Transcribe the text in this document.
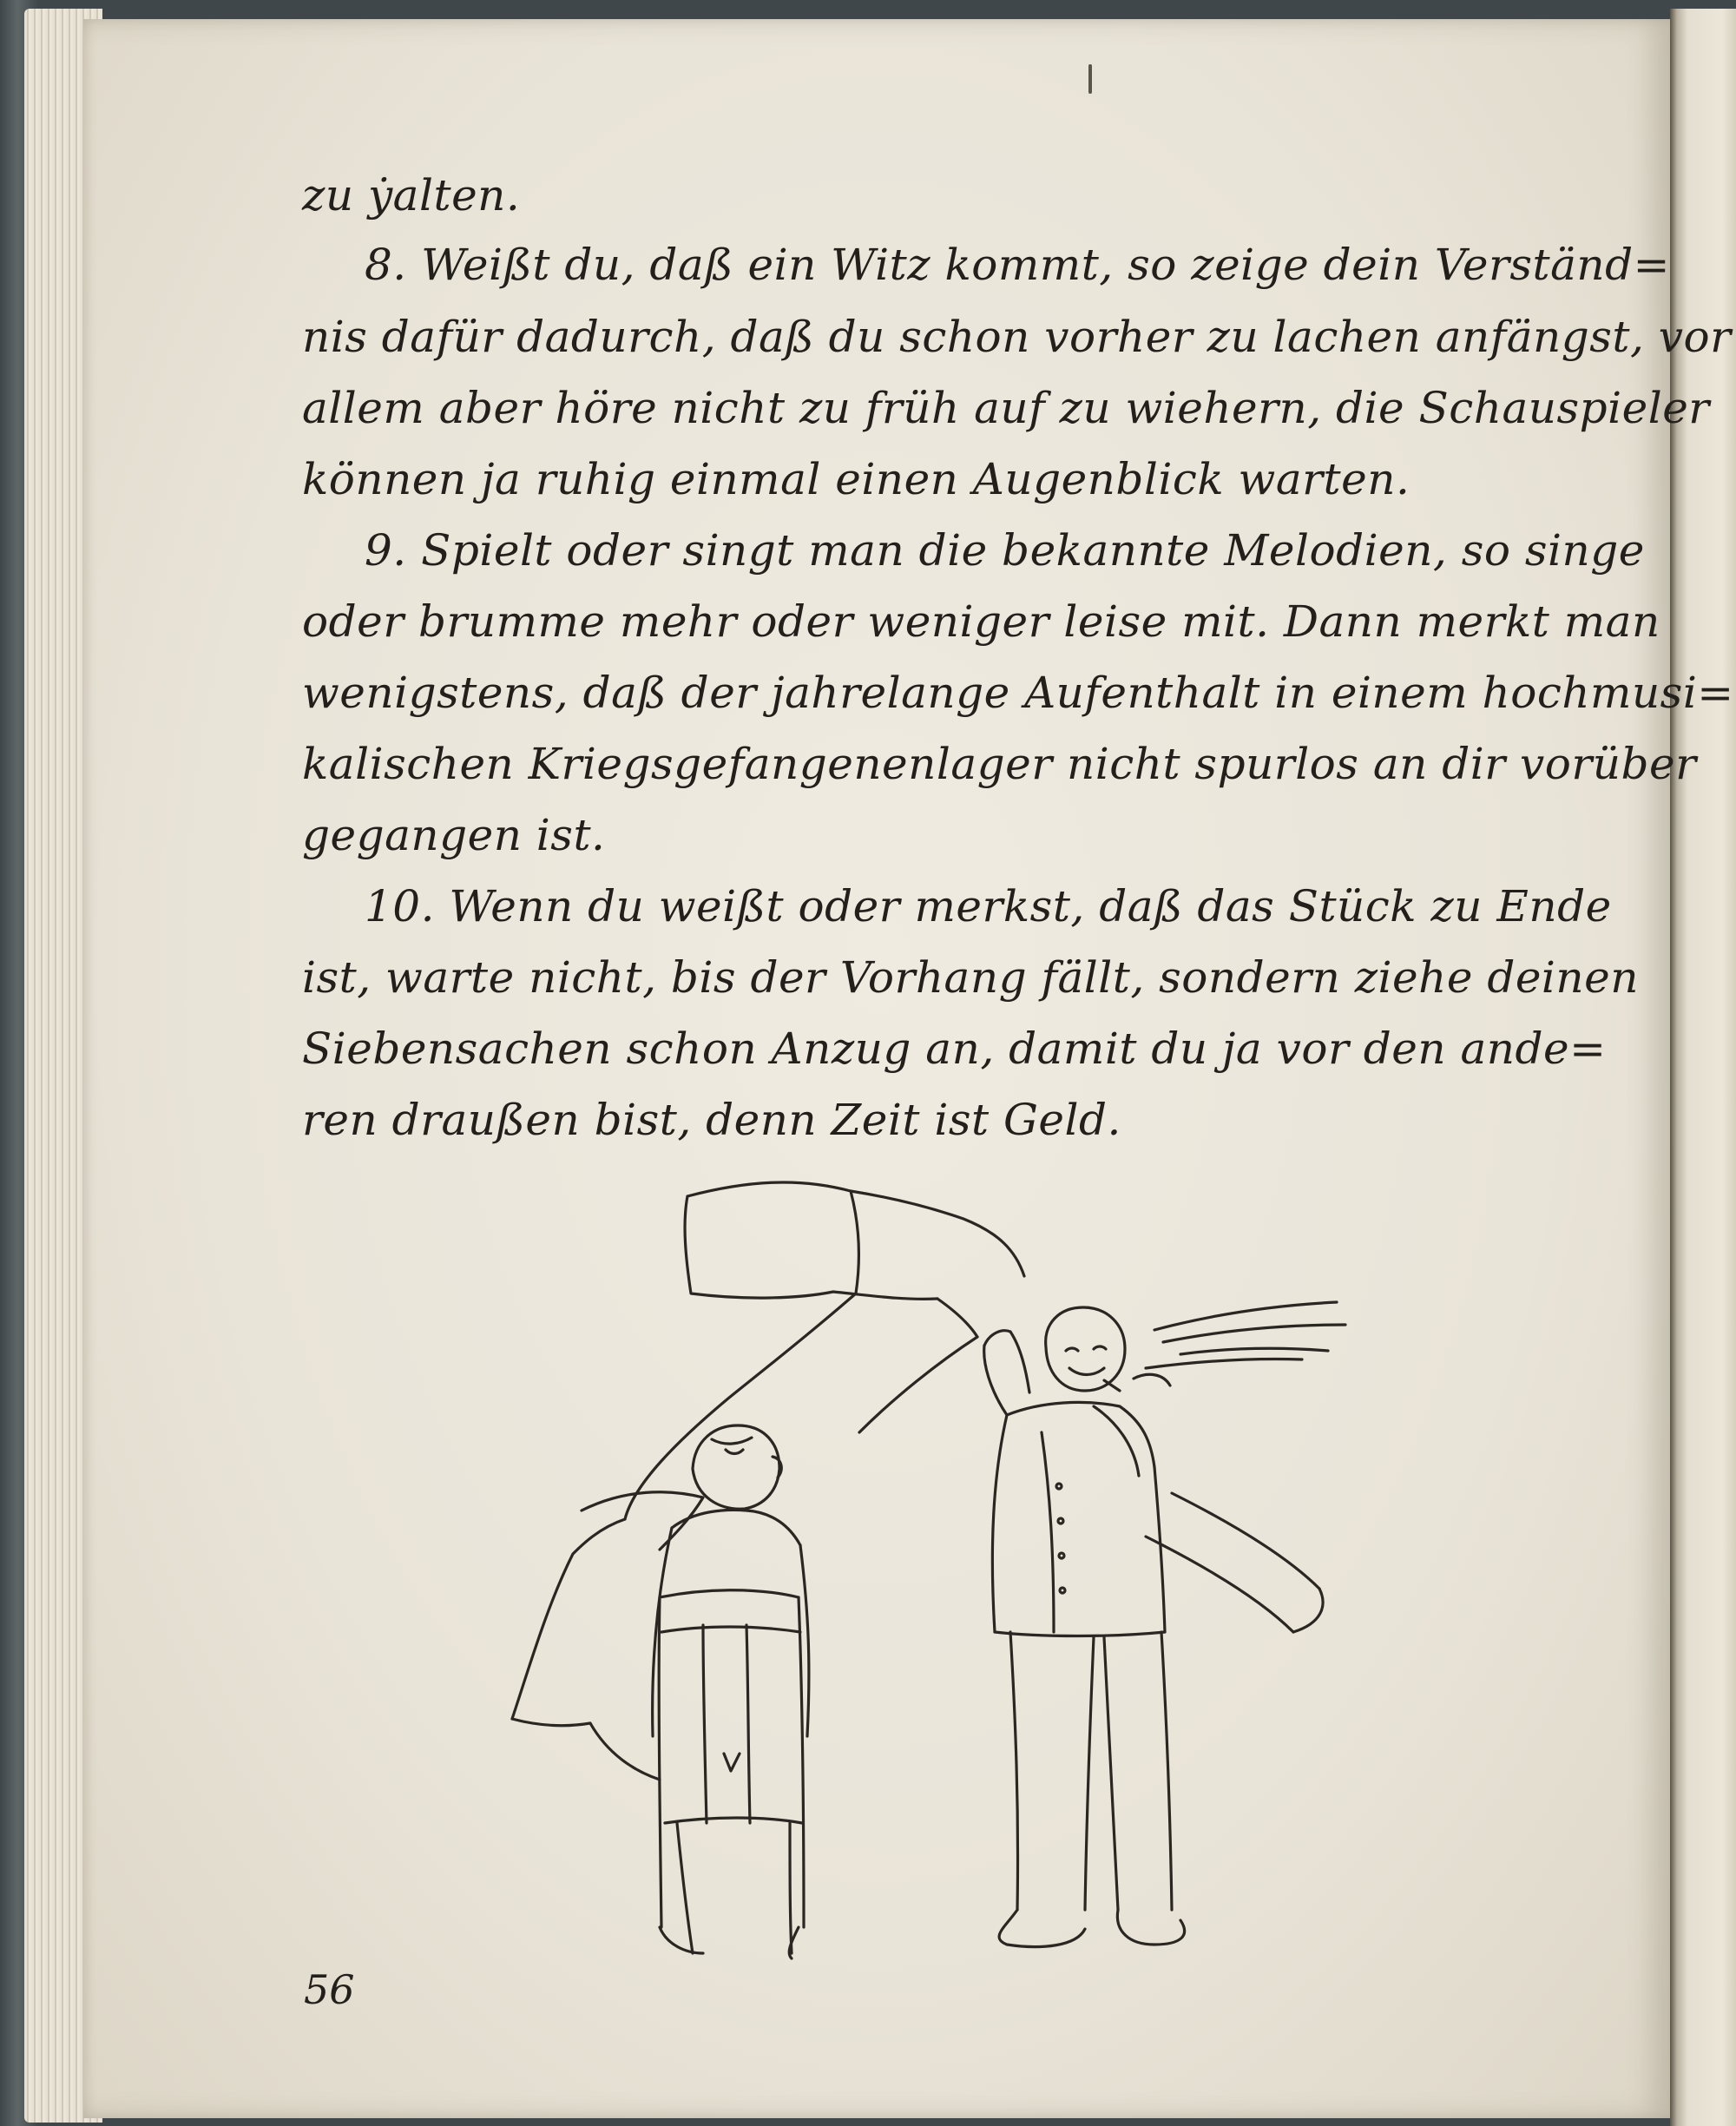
zu ẏalten.
8. Weißt du, daß ein Witz kommt, so zeige dein Verständ=
nis dafür dadurch, daß du schon vorher zu lachen anfängst, vor
allem aber höre nicht zu früh auf zu wiehern, die Schauspieler
können ja ruhig einmal einen Augenblick warten.
9. Spielt oder singt man die bekannte Melodien, so singe
oder brumme mehr oder weniger leise mit. Dann merkt man
wenigstens, daß der jahrelange Aufenthalt in einem hochmusi=
kalischen Kriegsgefangenenlager nicht spurlos an dir vorüber
gegangen ist.
10. Wenn du weißt oder merkst, daß das Stück zu Ende
ist, warte nicht, bis der Vorhang fällt, sondern ziehe deinen
Siebensachen schon Anzug an, damit du ja vor den ande=
ren draußen bist, denn Zeit ist Geld.
56
